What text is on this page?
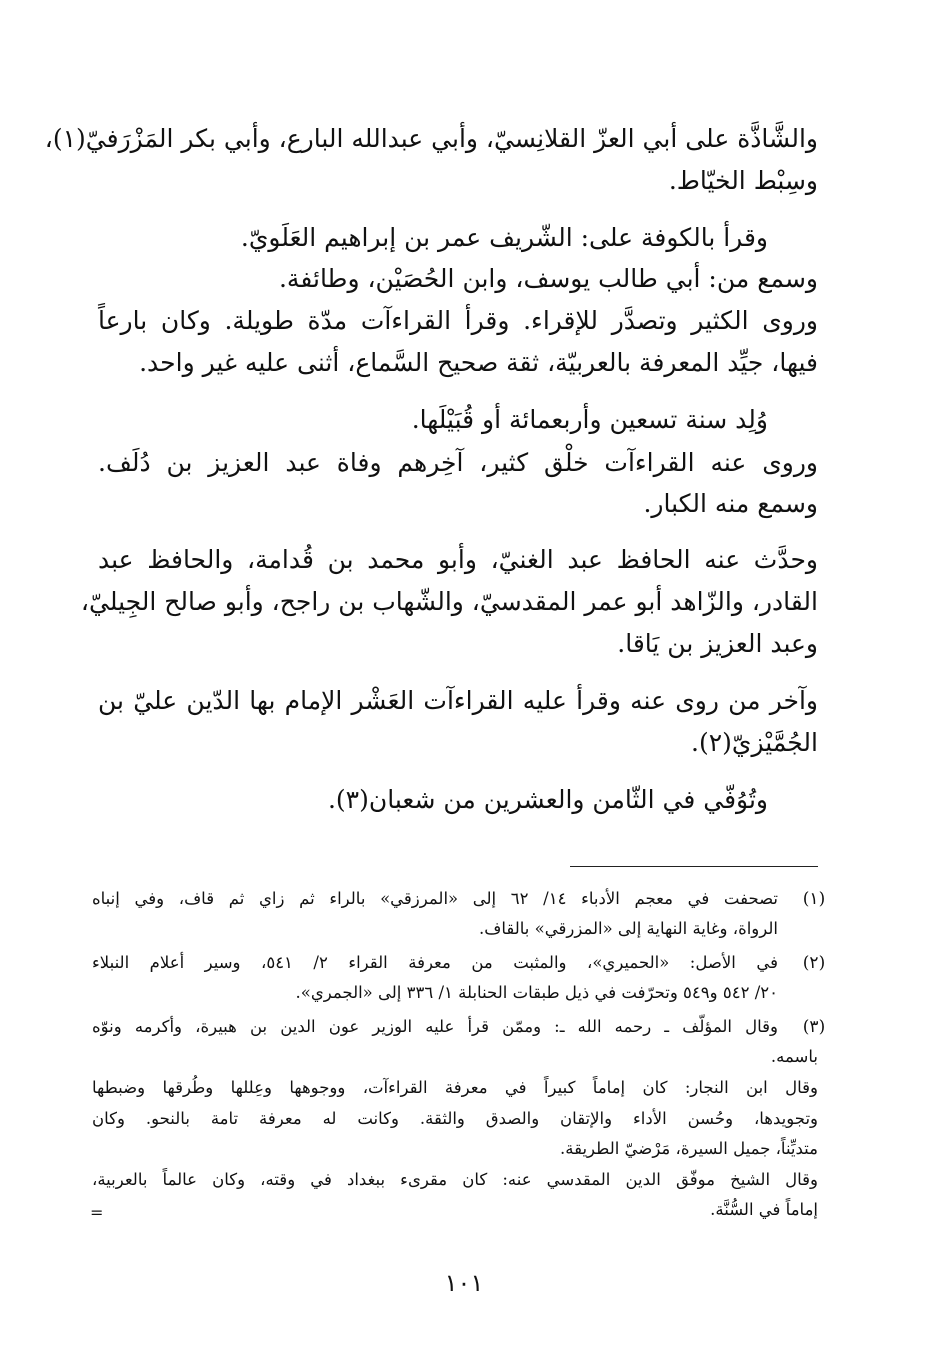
والشَّاذَّة على أبي العزّ القلانِسيّ، وأبي عبدالله البارع، وأبي بكر المَزْرَفيّ(١)،

وسِبْط الخيّاط.

وقرأ بالكوفة على: الشّريف عمر بن إبراهيم العَلَويّ.

وسمع من: أبي طالب يوسف، وابن الحُصَيْن، وطائفة.

وروى الكثير وتصدَّر للإقراء. وقرأ القراءآت مدّة طويلة. وكان بارعاً

فيها، جيِّد المعرفة بالعربيّة، ثقة صحيح السَّماع، أثنى عليه غير واحد.

وُلِد سنة تسعين وأربعمائة أو قُبَيْلَها.

وروى عنه القراءآت خلْق كثير، آخِرهم وفاة عبد العزيز بن دُلَف.

وسمع منه الكبار.

وحدَّث عنه الحافظ عبد الغنيّ، وأبو محمد بن قُدامة، والحافظ عبد

القادر، والزّاهد أبو عمر المقدسيّ، والشّهاب بن راجح، وأبو صالح الجِيليّ،

وعبد العزيز بن يَاقا.

وآخر من روى عنه وقرأ عليه القراءآت العَشْر الإمام بها الدّين عليّ بن

الجُمَّيْزيّ(٢).

وتُوُفّي في الثّامن والعشرين من شعبان(٣).

(١)
(٢)
(٣)

تصحفت في معجم الأدباء ١٤/ ٦٢ إلى «المرزقي» بالراء ثم زاي ثم قاف، وفي إنباه

الرواة، وغاية النهاية إلى «المزرقي» بالقاف.

في الأصل: «الحميري»، والمثبت من معرفة القراء ٢/ ٥٤١، وسير أعلام النبلاء

٢٠/ ٥٤٢ و٥٤٩ وتحرّفت في ذيل طبقات الحنابلة ١/ ٣٣٦ إلى «الجمري».

وقال المؤلّف ـ رحمه الله ـ: وممّن قرأ عليه الوزير عون الدين بن هبيرة، وأكرمه ونوّه

باسمه.

وقال ابن النجار: كان إماماً كبيراً في معرفة القراءآت، ووجوهها وعِللها وطُرقها وضبطها

وتجويدها، وحُسن الأداء والإتقان والصدق والثقة. وكانت له معرفة تامة بالنحو. وكان

متديِّناً، جميل السيرة، مَرْضيّ الطريقة.

وقال الشيخ موفّق الدين المقدسي عنه: كان مقرىء ببغداد في وقته، وكان عالماً بالعربية،

إماماً في السُّنَّة.

=
١٠١
